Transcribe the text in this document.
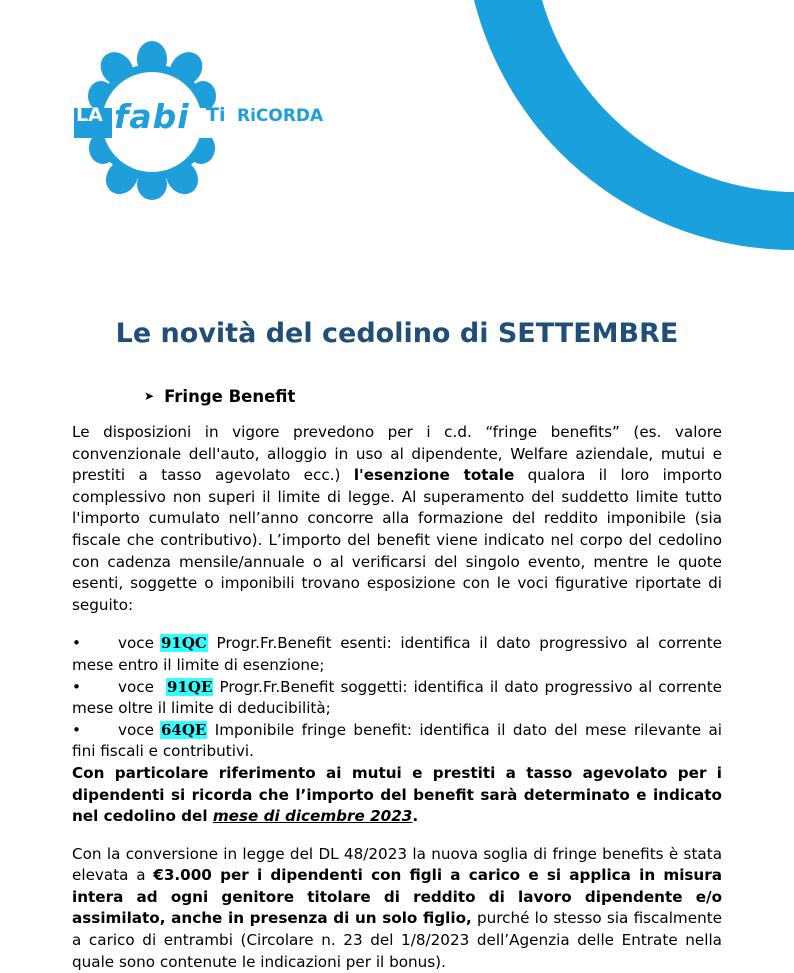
LA fabi Ti RiCORDA
Le novità del cedolino di SETTEMBRE
➤ Fringe Benefit

Le disposizioni in vigore prevedono per i c.d. “fringe benefits” (es. valore convenzionale dell'auto, alloggio in uso al dipendente, Welfare aziendale, mutui e prestiti a tasso agevolato ecc.) l'esenzione totale qualora il loro importo complessivo non superi il limite di legge. Al superamento del suddetto limite tutto l'importo cumulato nell’anno concorre alla formazione del reddito imponibile (sia fiscale che contributivo). L’importo del benefit viene indicato nel corpo del cedolino con cadenza mensile/annuale o al verificarsi del singolo evento, mentre le quote esenti, soggette o imponibili trovano esposizione con le voci figurative riportate di seguito:

• voce 91QC Progr.Fr.Benefit esenti: identifica il dato progressivo al corrente mese entro il limite di esenzione;

• voce 91QE Progr.Fr.Benefit soggetti: identifica il dato progressivo al corrente mese oltre il limite di deducibilità;

• voce 64QE Imponibile fringe benefit: identifica il dato del mese rilevante ai fini fiscali e contributivi.

Con particolare riferimento ai mutui e prestiti a tasso agevolato per i dipendenti si ricorda che l’importo del benefit sarà determinato e indicato nel cedolino del mese di dicembre 2023.

Con la conversione in legge del DL 48/2023 la nuova soglia di fringe benefits è stata elevata a €3.000 per i dipendenti con figli a carico e si applica in misura intera ad ogni genitore titolare di reddito di lavoro dipendente e/o assimilato, anche in presenza di un solo figlio, purché lo stesso sia fiscalmente a carico di entrambi (Circolare n. 23 del 1/8/2023 dell’Agenzia delle Entrate nella quale sono contenute le indicazioni per il bonus).
